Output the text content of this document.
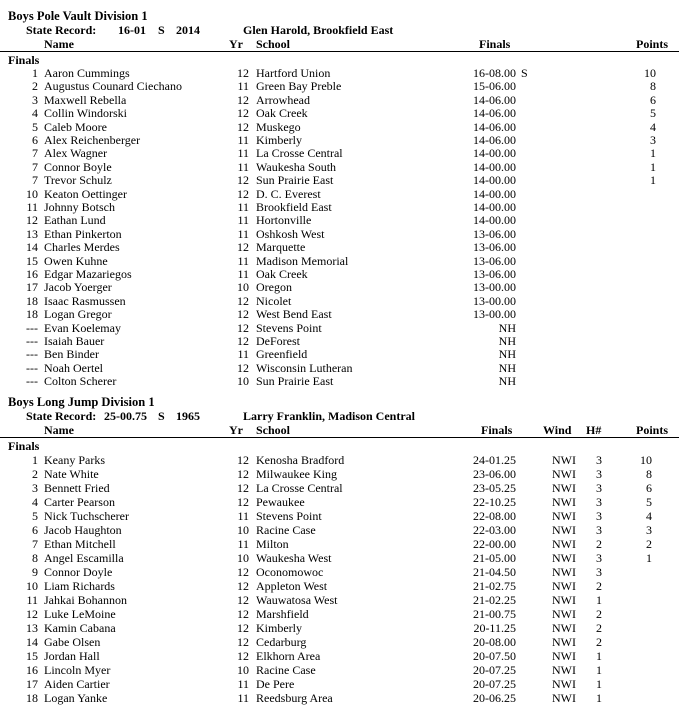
Boys Pole Vault Division 1
State Record: 16-01 S 2014	Glen Harold, Brookfield East
Name	Yr School	Finals	Points
Finals
1 Aaron Cummings	12 Hartford Union	16-08.00 S	10
2 Augustus Counard Ciechano	11 Green Bay Preble	15-06.00	8
3 Maxwell Rebella	12 Arrowhead	14-06.00	6
4 Collin Windorski	12 Oak Creek	14-06.00	5
5 Caleb Moore	12 Muskego	14-06.00	4
6 Alex Reichenberger	11 Kimberly	14-06.00	3
7 Alex Wagner	11 La Crosse Central	14-00.00	1
7 Connor Boyle	11 Waukesha South	14-00.00	1
7 Trevor Schulz	12 Sun Prairie East	14-00.00	1
10 Keaton Oettinger	12 D. C. Everest	14-00.00
11 Johnny Botsch	11 Brookfield East	14-00.00
12 Eathan Lund	11 Hortonville	14-00.00
13 Ethan Pinkerton	11 Oshkosh West	13-06.00
14 Charles Merdes	12 Marquette	13-06.00
15 Owen Kuhne	11 Madison Memorial	13-06.00
16 Edgar Mazariegos	11 Oak Creek	13-06.00
17 Jacob Yoerger	10 Oregon	13-00.00
18 Isaac Rasmussen	12 Nicolet	13-00.00
18 Logan Gregor	12 West Bend East	13-00.00
--- Evan Koelemay	12 Stevens Point	NH
--- Isaiah Bauer	12 DeForest	NH
--- Ben Binder	11 Greenfield	NH
--- Noah Oertel	12 Wisconsin Lutheran	NH
--- Colton Scherer	10 Sun Prairie East	NH
Boys Long Jump Division 1
State Record: 25-00.75 S 1965	Larry Franklin, Madison Central
Name	Yr School	Finals	Wind H#	Points
Finals
1 Keany Parks	12 Kenosha Bradford	24-01.25	NWI	3	10
2 Nate White	12 Milwaukee King	23-06.00	NWI	3	8
3 Bennett Fried	12 La Crosse Central	23-05.25	NWI	3	6
4 Carter Pearson	12 Pewaukee	22-10.25	NWI	3	5
5 Nick Tuchscherer	11 Stevens Point	22-08.00	NWI	3	4
6 Jacob Haughton	10 Racine Case	22-03.00	NWI	3	3
7 Ethan Mitchell	11 Milton	22-00.00	NWI	2	2
8 Angel Escamilla	10 Waukesha West	21-05.00	NWI	3	1
9 Connor Doyle	12 Oconomowoc	21-04.50	NWI	3
10 Liam Richards	12 Appleton West	21-02.75	NWI	2
11 Jahkai Bohannon	12 Wauwatosa West	21-02.25	NWI	1
12 Luke LeMoine	12 Marshfield	21-00.75	NWI	2
13 Kamin Cabana	12 Kimberly	20-11.25	NWI	2
14 Gabe Olsen	12 Cedarburg	20-08.00	NWI	2
15 Jordan Hall	12 Elkhorn Area	20-07.50	NWI	1
16 Lincoln Myer	10 Racine Case	20-07.25	NWI	1
17 Aiden Cartier	11 De Pere	20-07.25	NWI	1
18 Logan Yanke	11 Reedsburg Area	20-06.25	NWI	1
